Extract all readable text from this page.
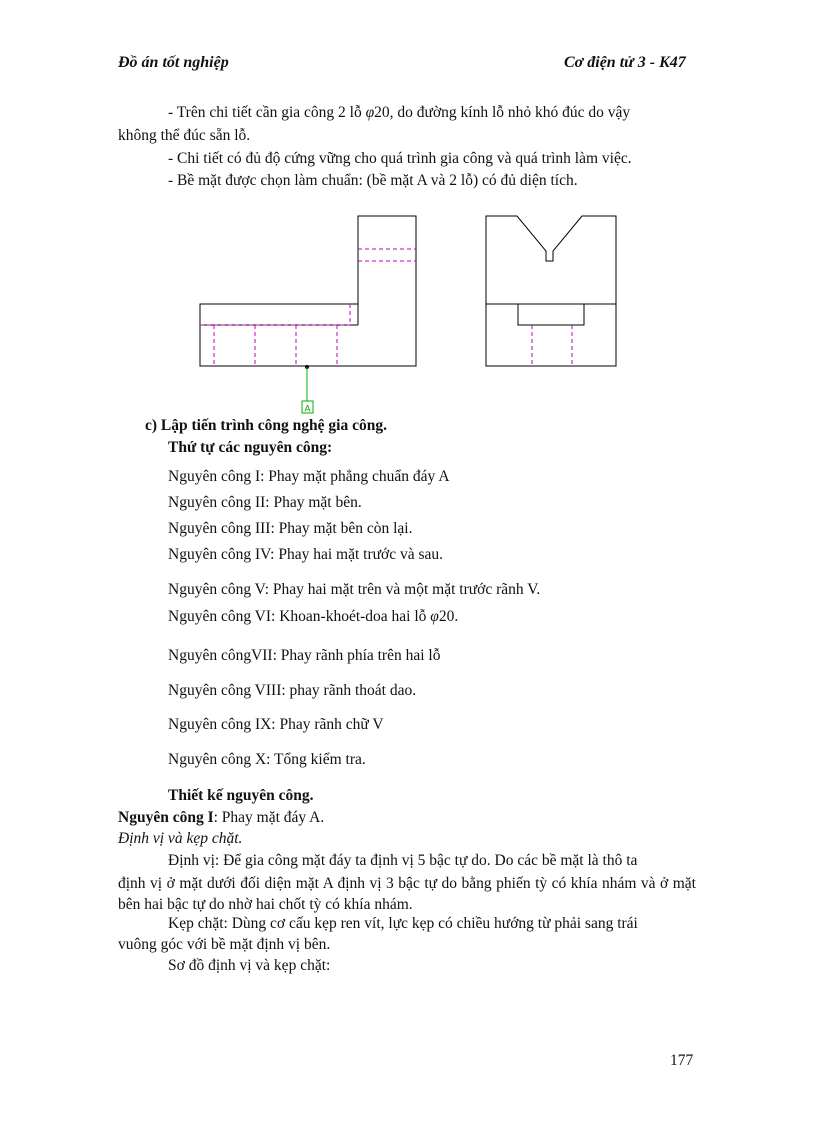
Đồ án tốt nghiệp	Cơ điện tử 3 - K47
- Trên chi tiết cần gia công 2 lỗ φ20, do đường kính lỗ nhỏ khó đúc do vậy
không thể đúc sẵn lỗ.
- Chi tiết có đủ độ cứng vững cho quá trình gia công và quá trình làm việc.
- Bề mặt được chọn làm chuẩn: (bề mặt A và 2 lỗ) có đủ diện tích.
A
c) Lập tiến trình công nghệ gia công.
Thứ tự các nguyên công:
Nguyên công I: Phay mặt phẳng chuẩn đáy A
Nguyên công II: Phay mặt bên.
Nguyên công III: Phay mặt bên còn lại.
Nguyên công IV: Phay hai mặt trước và sau.
Nguyên công V: Phay hai mặt trên và một mặt trước rãnh V.
Nguyên công VI: Khoan-khoét-doa hai lỗ φ20.
Nguyên côngVII: Phay rãnh phía trên hai lỗ
Nguyên công VIII: phay rãnh thoát dao.
Nguyên công IX: Phay rãnh chữ V
Nguyên công X: Tổng kiểm tra.
Thiết kế nguyên công.
Nguyên công I: Phay mặt đáy A.
Định vị và kẹp chặt.
Định vị: Để gia công mặt đáy ta định vị 5 bậc tự do. Do các bề mặt là thô ta
định vị ở mặt dưới đối diện mặt A định vị 3 bậc tự do bằng phiến tỳ có khía nhám và ở mặt bên hai bậc tự do nhờ hai chốt tỳ có khía nhám.
Kẹp chặt: Dùng cơ cấu kẹp ren vít, lực kẹp có chiều hướng từ phải sang trái
vuông góc với bề mặt định vị bên.
Sơ đồ định vị và kẹp chặt:
177
